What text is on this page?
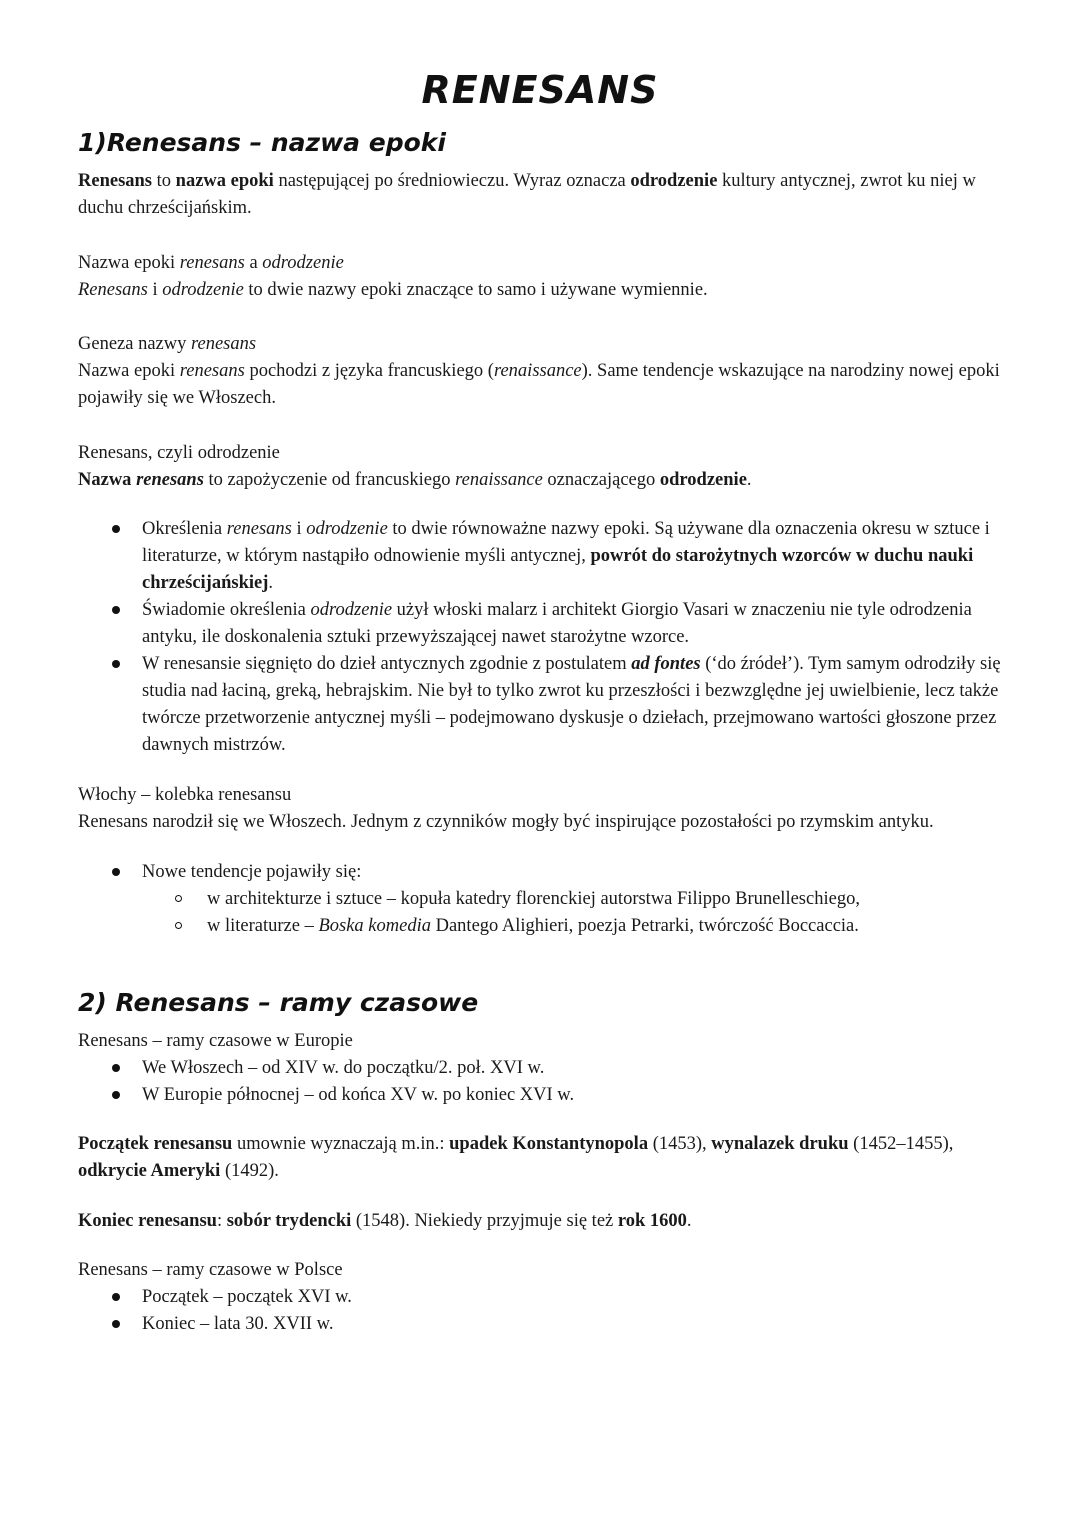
RENESANS
1)Renesans – nazwa epoki

Renesans to nazwa epoki następującej po średniowieczu. Wyraz oznacza odrodzenie kultury antycznej, zwrot ku niej w duchu chrześcijańskim.

Nazwa epoki renesans a odrodzenie

Renesans i odrodzenie to dwie nazwy epoki znaczące to samo i używane wymiennie.

Geneza nazwy renesans

Nazwa epoki renesans pochodzi z języka francuskiego (renaissance). Same tendencje wskazujące na narodziny nowej epoki pojawiły się we Włoszech.

Renesans, czyli odrodzenie

Nazwa renesans to zapożyczenie od francuskiego renaissance oznaczającego odrodzenie.

Określenia renesans i odrodzenie to dwie równoważne nazwy epoki. Są używane dla oznaczenia okresu w sztuce i literaturze, w którym nastąpiło odnowienie myśli antycznej, powrót do starożytnych wzorców w duchu nauki chrześcijańskiej.

Świadomie określenia odrodzenie użył włoski malarz i architekt Giorgio Vasari w znaczeniu nie tyle odrodzenia antyku, ile doskonalenia sztuki przewyższającej nawet starożytne wzorce.

W renesansie sięgnięto do dzieł antycznych zgodnie z postulatem ad fontes (‘do źródeł’). Tym samym odrodziły się studia nad łaciną, greką, hebrajskim. Nie był to tylko zwrot ku przeszłości i bezwzględne jej uwielbienie, lecz także twórcze przetworzenie antycznej myśli – podejmowano dyskusje o dziełach, przejmowano wartości głoszone przez dawnych mistrzów.

Włochy – kolebka renesansu

Renesans narodził się we Włoszech. Jednym z czynników mogły być inspirujące pozostałości po rzymskim antyku.

Nowe tendencje pojawiły się:

w architekturze i sztuce – kopuła katedry florenckiej autorstwa Filippo Brunelleschiego,

w literaturze – Boska komedia Dantego Alighieri, poezja Petrarki, twórczość Boccaccia.

2) Renesans – ramy czasowe

Renesans – ramy czasowe w Europie

We Włoszech – od XIV w. do początku/2. poł. XVI w.

W Europie północnej – od końca XV w. po koniec XVI w.

Początek renesansu umownie wyznaczają m.in.: upadek Konstantynopola (1453), wynalazek druku (1452–1455), odkrycie Ameryki (1492).

Koniec renesansu: sobór trydencki (1548). Niekiedy przyjmuje się też rok 1600.

Renesans – ramy czasowe w Polsce

Początek – początek XVI w.

Koniec – lata 30. XVII w.
